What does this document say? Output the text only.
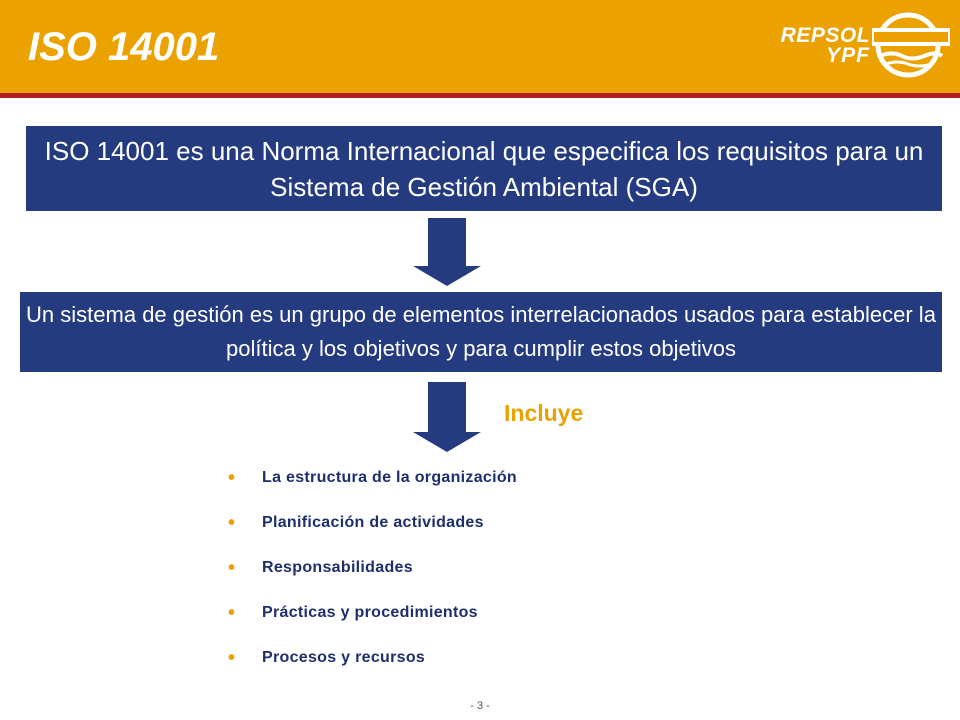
ISO 14001	REPSOL
YPF
ISO 14001 es una Norma Internacional que especifica los requisitos para un Sistema de Gestión Ambiental (SGA)
Un sistema de gestión es un grupo de elementos interrelacionados usados para establecer la política y los objetivos y para cumplir estos objetivos
Incluye
• La estructura de la organización
• Planificación de actividades
• Responsabilidades
• Prácticas y procedimientos
• Procesos y recursos
- 3 -
